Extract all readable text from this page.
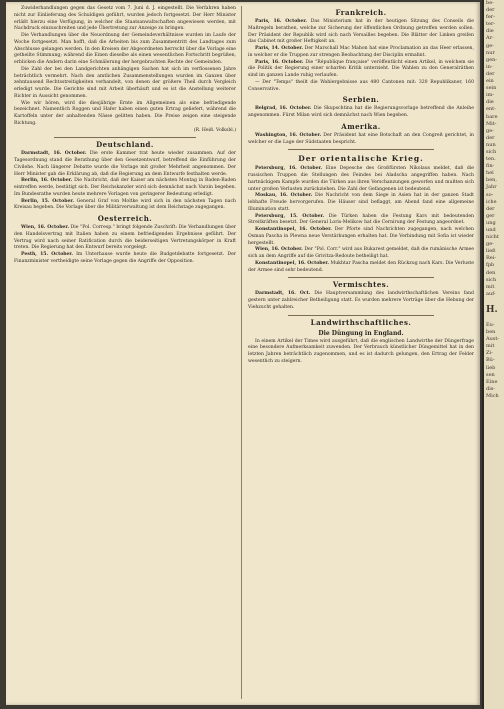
Zuwiderhandlungen gegen das Gesetz vom 7. Juni d. J. eingestellt. Die Verfahren haben nicht zur Einlieferung des Schuldigen geführt, wurden jedoch fortgesetzt. Der Herr Minister erläßt hierzu eine Verfügung, in welcher die Staatsanwaltschaften angewiesen werden, mit Nachdruck einzuschreiten und jede Übertretung zur Anzeige zu bringen.

Die Verhandlungen über die Neuordnung der Gemeindeverhältnisse wurden im Laufe der Woche fortgesetzt. Man hofft, daß die Arbeiten bis zum Zusammentritt des Landtages zum Abschlusse gelangen werden. In den Kreisen der Abgeordneten herrscht über die Vorlage eine getheilte Stimmung; während die Einen dieselbe als einen wesentlichen Fortschritt begrüßen, erblicken die Andern darin eine Schmälerung der hergebrachten Rechte der Gemeinden.

Die Zahl der bei den Landgerichten anhängigen Sachen hat sich im verflossenen Jahre beträchtlich vermehrt. Nach den amtlichen Zusammenstellungen wurden im Ganzen über zehntausend Rechtsstreitigkeiten verhandelt, von denen der größere Theil durch Vergleich erledigt wurde. Die Gerichte sind mit Arbeit überhäuft und es ist die Anstellung weiterer Richter in Aussicht genommen.

Wie wir hören, wird die diesjährige Ernte im Allgemeinen als eine befriedigende bezeichnet. Namentlich Roggen und Hafer haben einen guten Ertrag geliefert, während die Kartoffeln unter der anhaltenden Nässe gelitten haben. Die Preise zeigen eine steigende Richtung.

(R. Heiß. Volksbl.)
Deutschland.

Darmstadt, 16. October. Die erste Kammer trat heute wieder zusammen. Auf der Tagesordnung stand die Berathung über den Gesetzentwurf, betreffend die Einführung der Civilehe. Nach längerer Debatte wurde die Vorlage mit großer Mehrheit angenommen. Der Herr Minister gab die Erklärung ab, daß die Regierung an dem Entwurfe festhalten werde.

Berlin, 16. October. Die Nachricht, daß der Kaiser am nächsten Montag in Baden-Baden eintreffen werde, bestätigt sich. Der Reichskanzler wird sich demnächst nach Varzin begeben. Im Bundesrathe wurden heute mehrere Vorlagen von geringerer Bedeutung erledigt.

Berlin, 15. October. General Graf von Moltke wird sich in den nächsten Tagen nach Kreisau begeben. Die Vorlage über die Militärverwaltung ist dem Reichstage zugegangen.

Oesterreich.

Wien, 16. October. Die "Pol. Corresp." bringt folgende Zuschrift: Die Verhandlungen über den Handelsvertrag mit Italien haben zu einem befriedigenden Ergebnisse geführt. Der Vertrag wird nach seiner Ratification durch die beiderseitigen Vertretungskörper in Kraft treten. Die Regierung hat den Entwurf bereits vorgelegt.

Pesth, 15. October. Im Unterhause wurde heute die Budgetdebatte fortgesetzt. Der Finanzminister vertheidigte seine Vorlage gegen die Angriffe der Opposition.

Frankreich.

Paris, 16. October. Das Ministerium hat in der heutigen Sitzung des Conseils die Maßregeln berathen, welche zur Sicherung der öffentlichen Ordnung getroffen werden sollen. Der Präsident der Republik wird sich nach Versailles begeben. Die Blätter der Linken greifen das Cabinet mit großer Heftigkeit an.

Paris, 14. October. Der Marschall Mac Mahon hat eine Proclamation an das Heer erlassen, in welcher er die Truppen zur strengen Beobachtung der Disciplin ermahnt.

Paris, 16. October. Die "République française" veröffentlicht einen Artikel, in welchem sie die Politik der Regierung einer scharfen Kritik unterzieht. Die Wahlen zu den Generalräthen sind im ganzen Lande ruhig verlaufen.

— Der "Temps" theilt die Wahlergebnisse aus 480 Cantonen mit: 320 Republikaner, 160 Conservative.

Serbien.

Belgrad, 16. October. Die Skupschtina hat die Regierungsvorlage betreffend die Anleihe angenommen. Fürst Milan wird sich demnächst nach Wien begeben.

Amerika.

Washington, 16. October. Der Präsident hat eine Botschaft an den Congreß gerichtet, in welcher er die Lage der Südstaaten bespricht.

Der orientalische Krieg.

Petersburg, 16. October. Eine Depesche des Großfürsten Nikolaus meldet, daß die russischen Truppen die Stellungen des Feindes bei Aladscha angegriffen haben. Nach hartnäckigem Kampfe wurden die Türken aus ihren Verschanzungen geworfen und mußten sich unter großen Verlusten zurückziehen. Die Zahl der Gefangenen ist bedeutend.

Moskau, 16. October. Die Nachricht von dem Siege in Asien hat in der ganzen Stadt lebhafte Freude hervorgerufen. Die Häuser sind beflaggt, am Abend fand eine allgemeine Illumination statt.

Petersburg, 15. October. Die Türken haben die Festung Kars mit bedeutenden Streitkräften besetzt. Der General Loris-Melikow hat die Cernirung der Festung angeordnet.

Konstantinopel, 16. October. Der Pforte sind Nachrichten zugegangen, nach welchen Osman Pascha in Plewna neue Verstärkungen erhalten hat. Die Verbindung mit Sofia ist wieder hergestellt.

Wien, 16. October. Der "Pol. Corr." wird aus Bukarest gemeldet, daß die rumänische Armee sich an dem Angriffe auf die Grivitza-Redoute betheiligt hat.

Konstantinopel, 16. October. Mukhtar Pascha meldet den Rückzug nach Kars. Die Verluste der Armee sind sehr bedeutend.

Vermischtes.

Darmstadt, 16. Oct. Die Hauptversammlung des landwirthschaftlichen Vereins fand gestern unter zahlreicher Betheiligung statt. Es wurden mehrere Vorträge über die Hebung der Viehzucht gehalten.

Landwirthschaftliches.
Die Düngung in England.

In einem Artikel der Times wird ausgeführt, daß die englischen Landwirthe der Düngerfrage eine besondere Aufmerksamkeit zuwenden. Der Verbrauch künstlicher Düngemittel hat in den letzten Jahren beträchtlich zugenommen, und es ist dadurch gelungen, den Ertrag der Felder wesentlich zu steigern.

be-
der
fer-
ter-
die
Ar-
ge-
nur
gen-
in-
der
ein
sein
im-
die
ent-
bare
Mit-
ge-
der
nun
sich
ten.
fin-
hel
ben,
Jahr
so-
iche
der
ger
ung
und
nicht
ge-
ließ
Rei-
fpb
den
sich
mit
auf-
H.
Eu-
ben
Aust-
mit
Zi-
Bü-
lieb
sen
Eine
dis-
Mich
